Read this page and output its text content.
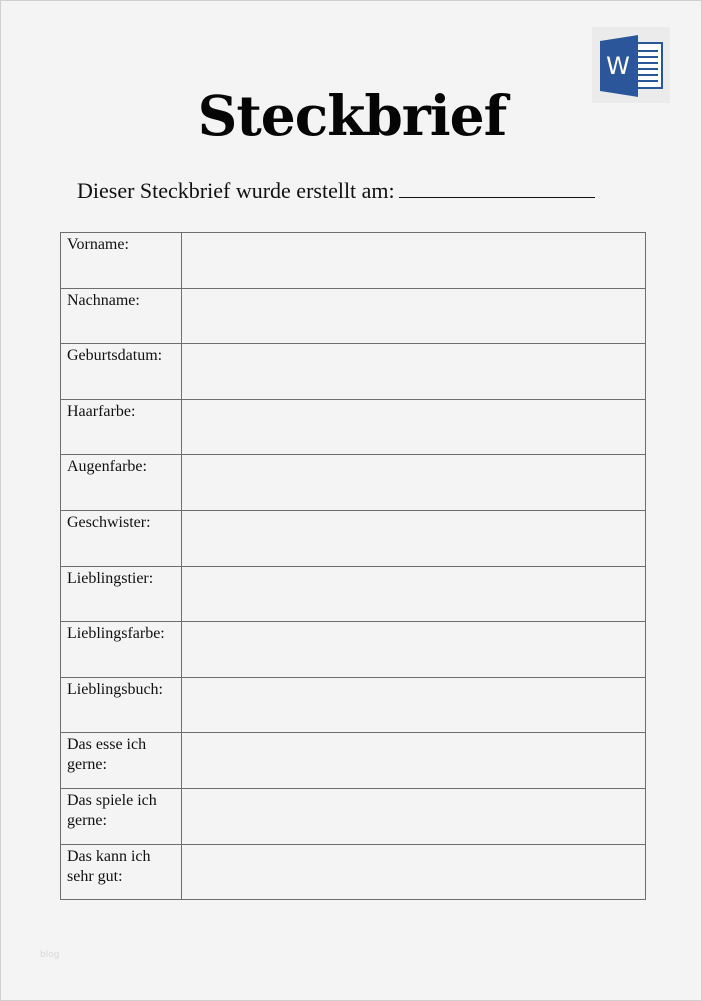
W
Steckbrief
Dieser Steckbrief wurde erstellt am:
Vorname:	
Nachname:	
Geburtsdatum:	
Haarfarbe:	
Augenfarbe:	
Geschwister:	
Lieblingstier:	
Lieblingsfarbe:	
Lieblingsbuch:	
Das esse ich gerne:	
Das spiele ich gerne:	
Das kann ich sehr gut:	
blog
